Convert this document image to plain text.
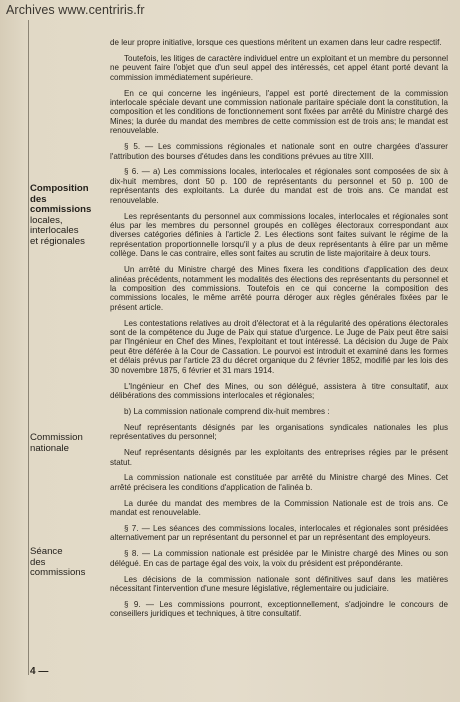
Archives www.centriris.fr
Composition
des
commissions
locales,
interlocales
et régionales
Commission
nationale
Séance
des
commissions

de leur propre initiative, lorsque ces questions méritent un examen dans leur cadre respectif.

Toutefois, les litiges de caractère individuel entre un exploitant et un membre du personnel ne peuvent faire l'objet que d'un seul appel des intéressés, cet appel étant porté devant la commission immédiatement supérieure.

En ce qui concerne les ingénieurs, l'appel est porté directement de la commission interlocale spéciale devant une commission nationale paritaire spéciale dont la constitution, la composition et les conditions de fonctionnement sont fixées par arrêté du Ministre chargé des Mines; la durée du mandat des membres de cette commission est de trois ans; le mandat est renouvelable.

§ 5. — Les commissions régionales et nationale sont en outre chargées d'assurer l'attribution des bourses d'études dans les conditions prévues au titre XIII.

§ 6. — a) Les commissions locales, interlocales et régionales sont composées de six à dix-huit membres, dont 50 p. 100 de représentants du personnel et 50 p. 100 de représentants des exploitants. La durée du mandat est de trois ans. Ce mandat est renouvelable.

Les représentants du personnel aux commissions locales, interlocales et régionales sont élus par les membres du personnel groupés en collèges électoraux correspondant aux diverses catégories définies à l'article 2. Les élections sont faites suivant le régime de la représentation proportionnelle lorsqu'il y a plus de deux représentants à élire par un même collège. Dans le cas contraire, elles sont faites au scrutin de liste majoritaire à deux tours.

Un arrêté du Ministre chargé des Mines fixera les conditions d'application des deux alinéas précédents, notamment les modalités des élections des représentants du personnel et la composition des commissions. Toutefois en ce qui concerne la composition des commissions locales, le même arrêté pourra déroger aux règles générales fixées par le présent article.

Les contestations relatives au droit d'électorat et à la régularité des opérations électorales sont de la compétence du Juge de Paix qui statue d'urgence. Le Juge de Paix peut être saisi par l'Ingénieur en Chef des Mines, l'exploitant et tout intéressé. La décision du Juge de Paix peut être déférée à la Cour de Cassation. Le pourvoi est introduit et examiné dans les formes et délais prévus par l'article 23 du décret organique du 2 février 1852, modifié par les lois des 30 novembre 1875, 6 février et 31 mars 1914.

L'Ingénieur en Chef des Mines, ou son délégué, assistera à titre consultatif, aux délibérations des commissions interlocales et régionales;

b) La commission nationale comprend dix-huit membres :

Neuf représentants désignés par les organisations syndicales nationales les plus représentatives du personnel;

Neuf représentants désignés par les exploitants des entreprises régies par le présent statut.

La commission nationale est constituée par arrêté du Ministre chargé des Mines. Cet arrêté précisera les conditions d'application de l'alinéa b.

La durée du mandat des membres de la Commission Nationale est de trois ans. Ce mandat est renouvelable.

§ 7. — Les séances des commissions locales, interlocales et régionales sont présidées alternativement par un représentant du personnel et par un représentant des employeurs.

§ 8. — La commission nationale est présidée par le Ministre chargé des Mines ou son délégué. En cas de partage égal des voix, la voix du président est prépondérante.

Les décisions de la commission nationale sont définitives sauf dans les matières nécessitant l'intervention d'une mesure législative, réglementaire ou judiciaire.

§ 9. — Les commissions pourront, exceptionnellement, s'adjoindre le concours de conseillers juridiques et techniques, à titre consultatif.

4 —
